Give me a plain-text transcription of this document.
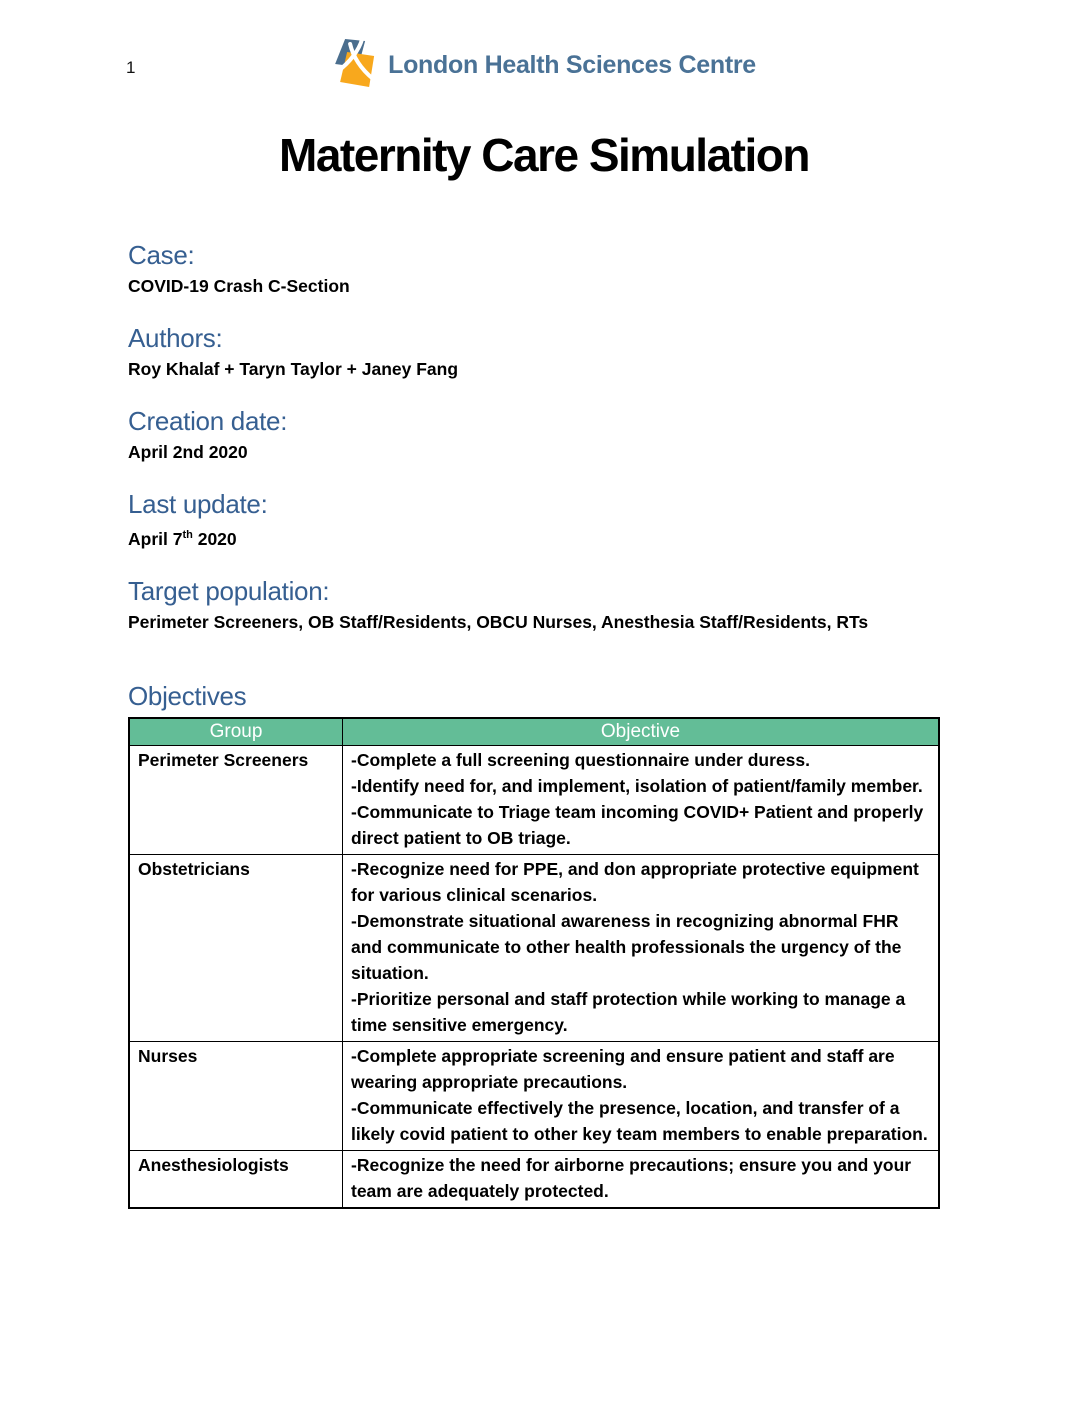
1	London Health Sciences Centre
Maternity Care Simulation
Case:

COVID-19 Crash C-Section

Authors:

Roy Khalaf + Taryn Taylor + Janey Fang

Creation date:

April 2nd 2020

Last update:

April 7th 2020

Target population:

Perimeter Screeners, OB Staff/Residents, OBCU Nurses, Anesthesia Staff/Residents, RTs

Objectives
Group	Objective
Perimeter Screeners	-Complete a full screening questionnaire under duress.
-Identify need for, and implement, isolation of patient/family member.
-Communicate to Triage team incoming COVID+ Patient and properly direct patient to OB triage.

Obstetricians	-Recognize need for PPE, and don appropriate protective equipment for various clinical scenarios.
-Demonstrate situational awareness in recognizing abnormal FHR and communicate to other health professionals the urgency of the situation.
-Prioritize personal and staff protection while working to manage a time sensitive emergency.

Nurses	-Complete appropriate screening and ensure patient and staff are wearing appropriate precautions.
-Communicate effectively the presence, location, and transfer of a likely covid patient to other key team members to enable preparation.

Anesthesiologists	-Recognize the need for airborne precautions; ensure you and your team are adequately protected.
